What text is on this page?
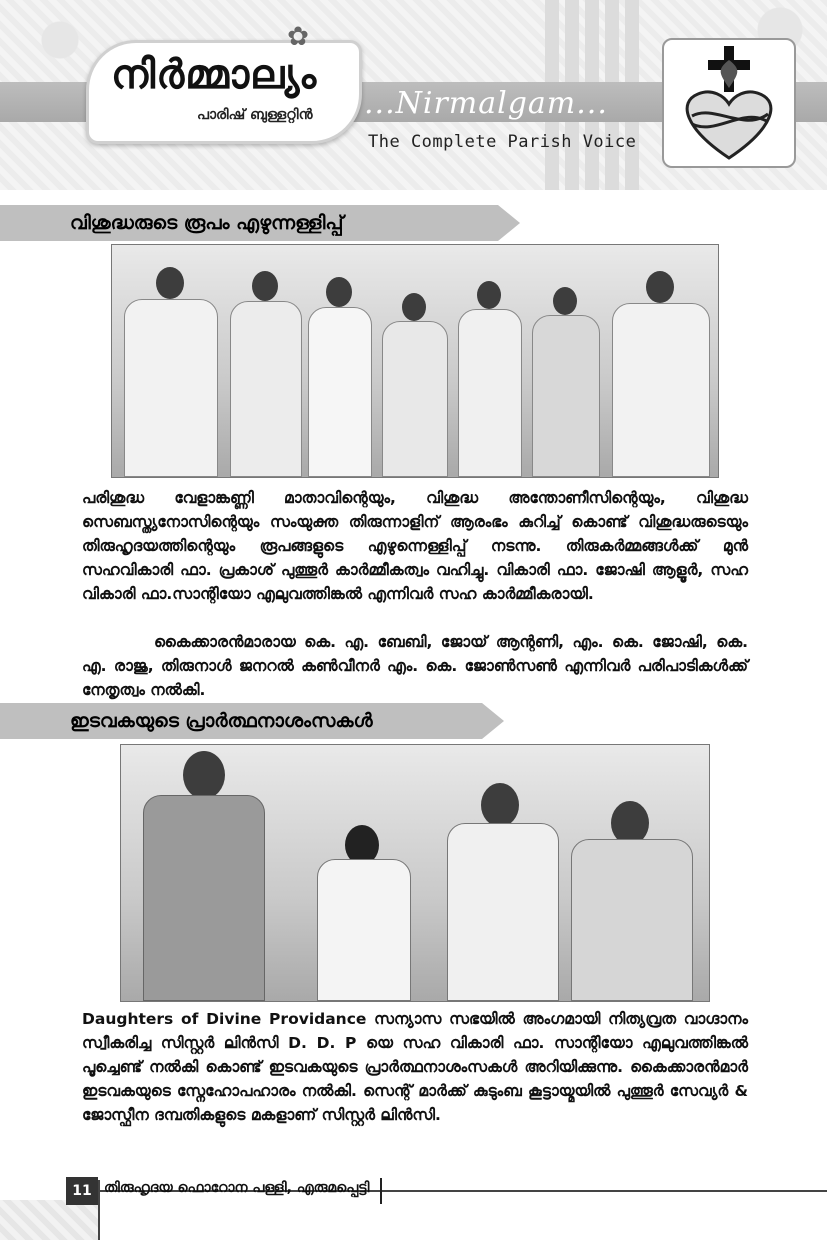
✿
നിർമ്മാല്യം
പാരിഷ് ബുള്ളറ്റിൻ ...Nirmalgam...
The Complete Parish Voice
വിശുദ്ധരുടെ രൂപം എഴുന്നള്ളിപ്പ്
പരിശുദ്ധ വേളാങ്കണ്ണി മാതാവിന്റെയും, വിശുദ്ധ അന്തോണീസിന്റെയും, വിശുദ്ധ സെബസ്ത്യനോസിന്റെയും സംയുക്ത തിരുന്നാളിന് ആരംഭം കുറിച്ച് കൊണ്ട് വിശുദ്ധരുടെയും തിരുഹൃദയത്തിന്റെയും രൂപങ്ങളുടെ എഴുന്നെള്ളിപ്പ് നടന്നു. തിരുകർമ്മങ്ങൾക്ക് മുൻ സഹവികാരി ഫാ. പ്രകാശ് പുത്തൂർ കാർമ്മീകത്വം വഹിച്ചു. വികാരി ഫാ. ജോഷി ആളൂർ, സഹ വികാരി ഫാ.സാന്റിയോ എലുവത്തിങ്കൽ എന്നിവർ സഹ കാർമ്മീകരായി.
കൈക്കാരൻമാരായ കെ. എ. ബേബി, ജോയ് ആന്റണി, എം. കെ. ജോഷി, കെ. എ. രാജു, തിരുനാൾ ജനറൽ കൺവീനർ എം. കെ. ജോൺസൺ എന്നിവർ പരിപാടികൾക്ക് നേതൃത്വം നൽകി.
ഇടവകയുടെ പ്രാർത്ഥനാശംസകൾ
Daughters of Divine Providance സന്യാസ സഭയിൽ അംഗമായി നിത്യവ്രത വാഗ്ദാനം സ്വീകരിച്ച സിസ്റ്റർ ലിൻസി D. D. P യെ സഹ വികാരി ഫാ. സാന്റിയോ എലുവത്തിങ്കൽ പൂച്ചെണ്ട് നൽകി കൊണ്ട് ഇടവകയുടെ പ്രാർത്ഥനാശംസകൾ അറിയിക്കുന്നു. കൈക്കാരൻമാർ ഇടവകയുടെ സ്നേഹോപഹാരം നൽകി. സെന്റ് മാർക്ക് കുടുംബ കൂട്ടായ്മയിൽ പുത്തൂർ സേവ്യർ & ജോസ്ഫീന ദമ്പതികളുടെ മകളാണ് സിസ്റ്റർ ലിൻസി.
11 തിരുഹൃദയ ഫൊറോന പള്ളി, എരുമപ്പെട്ടി
